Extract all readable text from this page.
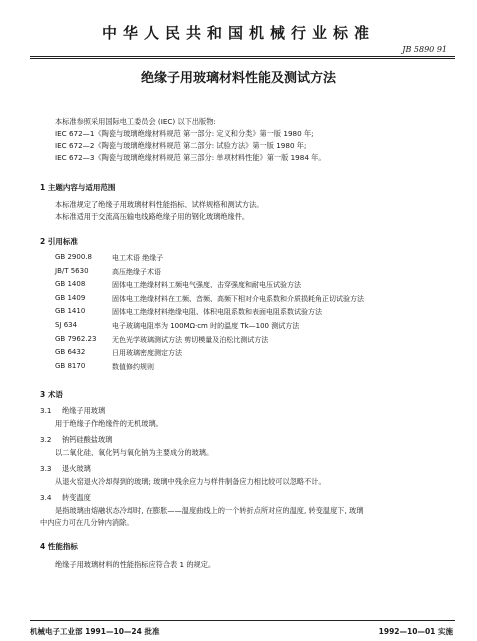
中华人民共和国机械行业标准
JB 5890 91
绝缘子用玻璃材料性能及测试方法
本标准参照采用国际电工委员会 (IEC) 以下出版物:
IEC 672—1《陶瓷与玻璃绝缘材料规范 第一部分: 定义和分类》第一版 1980 年;
IEC 672—2《陶瓷与玻璃绝缘材料规范 第二部分: 试验方法》第一版 1980 年;
IEC 672—3《陶瓷与玻璃绝缘材料规范 第三部分: 单项材料性能》第一版 1984 年。
1 主题内容与适用范围
本标准规定了绝缘子用玻璃材料性能指标、试样规格和测试方法。
本标准适用于交流高压输电线路绝缘子用的钢化玻璃绝缘件。
2 引用标准
GB 2900.8	电工术语 绝缘子
JB/T 5630	高压绝缘子术语
GB 1408	固体电工绝缘材料工频电气强度、击穿强度和耐电压试验方法
GB 1409	固体电工绝缘材料在工频、音频、高频下相对介电系数和介质损耗角正切试验方法
GB 1410	固体电工绝缘材料绝缘电阻、体积电阻系数和表面电阻系数试验方法
SJ 634	电子玻璃电阻率为 100MΩ·cm 时的温度 Tk—100 测试方法
GB 7962.23 无色光学玻璃测试方法 剪切模量及泊松比测试方法
GB 6432	日用玻璃密度测定方法
GB 8170	数值修约规则
3 术语
3.1 绝缘子用玻璃
用于绝缘子作绝缘件的无机玻璃。
3.2 钠钙硅酸盐玻璃
以二氧化硅、氧化钙与氧化钠为主要成分的玻璃。
3.3 退火玻璃
从退火窑退火冷却得到的玻璃; 玻璃中残余应力与样件制备应力相比较可以忽略不计。
3.4 转变温度
是指玻璃由熔融状态冷却时, 在膨胀——温度曲线上的一个转折点所对应的温度, 转变温度下, 玻璃
中内应力可在几分钟内消除。
4 性能指标
绝缘子用玻璃材料的性能指标应符合表 1 的规定。
机械电子工业部 1991—10—24 批准	1992—10—01 实施
